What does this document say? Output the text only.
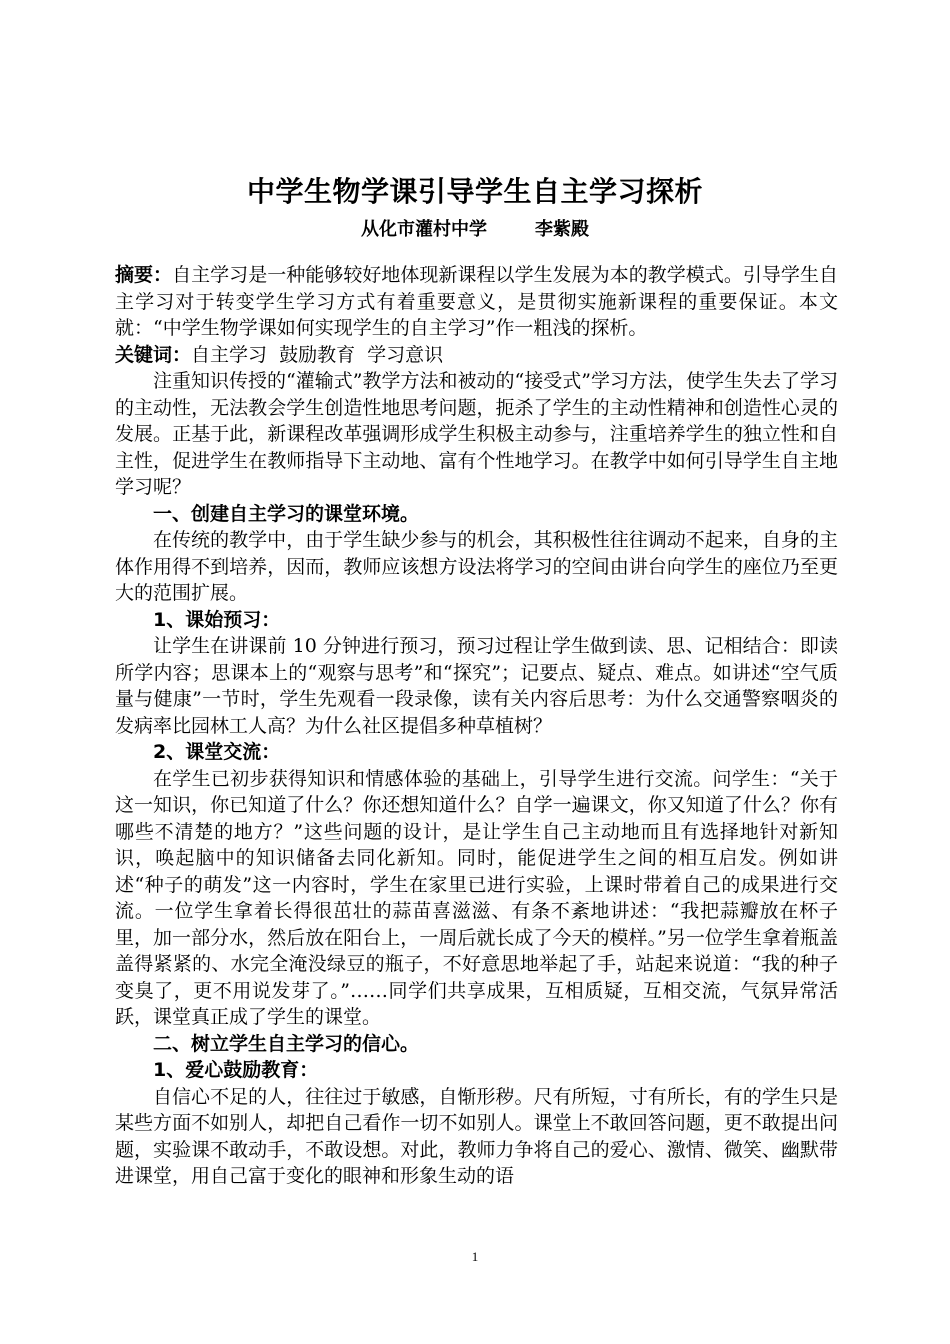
中学生物学课引导学生自主学习探析
从化市灌村中学	李紫殿

摘要：自主学习是一种能够较好地体现新课程以学生发展为本的教学模式。引导学生自主学习对于转变学生学习方式有着重要意义，是贯彻实施新课程的重要保证。本文就：“中学生物学课如何实现学生的自主学习”作一粗浅的探析。

关键词：自主学习  鼓励教育  学习意识

注重知识传授的“灌输式”教学方法和被动的“接受式”学习方法，使学生失去了学习的主动性，无法教会学生创造性地思考问题，扼杀了学生的主动性精神和创造性心灵的发展。正基于此，新课程改革强调形成学生积极主动参与，注重培养学生的独立性和自主性，促进学生在教师指导下主动地、富有个性地学习。在教学中如何引导学生自主地学习呢？

一、创建自主学习的课堂环境。

在传统的教学中，由于学生缺少参与的机会，其积极性往往调动不起来，自身的主体作用得不到培养，因而，教师应该想方设法将学习的空间由讲台向学生的座位乃至更大的范围扩展。

1、课始预习：

让学生在讲课前 10 分钟进行预习，预习过程让学生做到读、思、记相结合：即读所学内容；思课本上的“观察与思考”和“探究”；记要点、疑点、难点。如讲述“空气质量与健康”一节时，学生先观看一段录像，读有关内容后思考：为什么交通警察咽炎的发病率比园林工人高？为什么社区提倡多种草植树？

2、课堂交流：

在学生已初步获得知识和情感体验的基础上，引导学生进行交流。问学生：“关于这一知识，你已知道了什么？你还想知道什么？自学一遍课文，你又知道了什么？你有哪些不清楚的地方？”这些问题的设计，是让学生自己主动地而且有选择地针对新知识，唤起脑中的知识储备去同化新知。同时，能促进学生之间的相互启发。例如讲述“种子的萌发”这一内容时，学生在家里已进行实验，上课时带着自己的成果进行交流。一位学生拿着长得很茁壮的蒜苗喜滋滋、有条不紊地讲述：“我把蒜瓣放在杯子里，加一部分水，然后放在阳台上，一周后就长成了今天的模样。”另一位学生拿着瓶盖盖得紧紧的、水完全淹没绿豆的瓶子，不好意思地举起了手，站起来说道：“我的种子变臭了，更不用说发芽了。”……同学们共享成果，互相质疑，互相交流，气氛异常活跃，课堂真正成了学生的课堂。

二、树立学生自主学习的信心。

1、爱心鼓励教育：

自信心不足的人，往往过于敏感，自惭形秽。尺有所短，寸有所长，有的学生只是某些方面不如别人，却把自己看作一切不如别人。课堂上不敢回答问题，更不敢提出问题，实验课不敢动手，不敢设想。对此，教师力争将自己的爱心、激情、微笑、幽默带进课堂，用自己富于变化的眼神和形象生动的语

1
